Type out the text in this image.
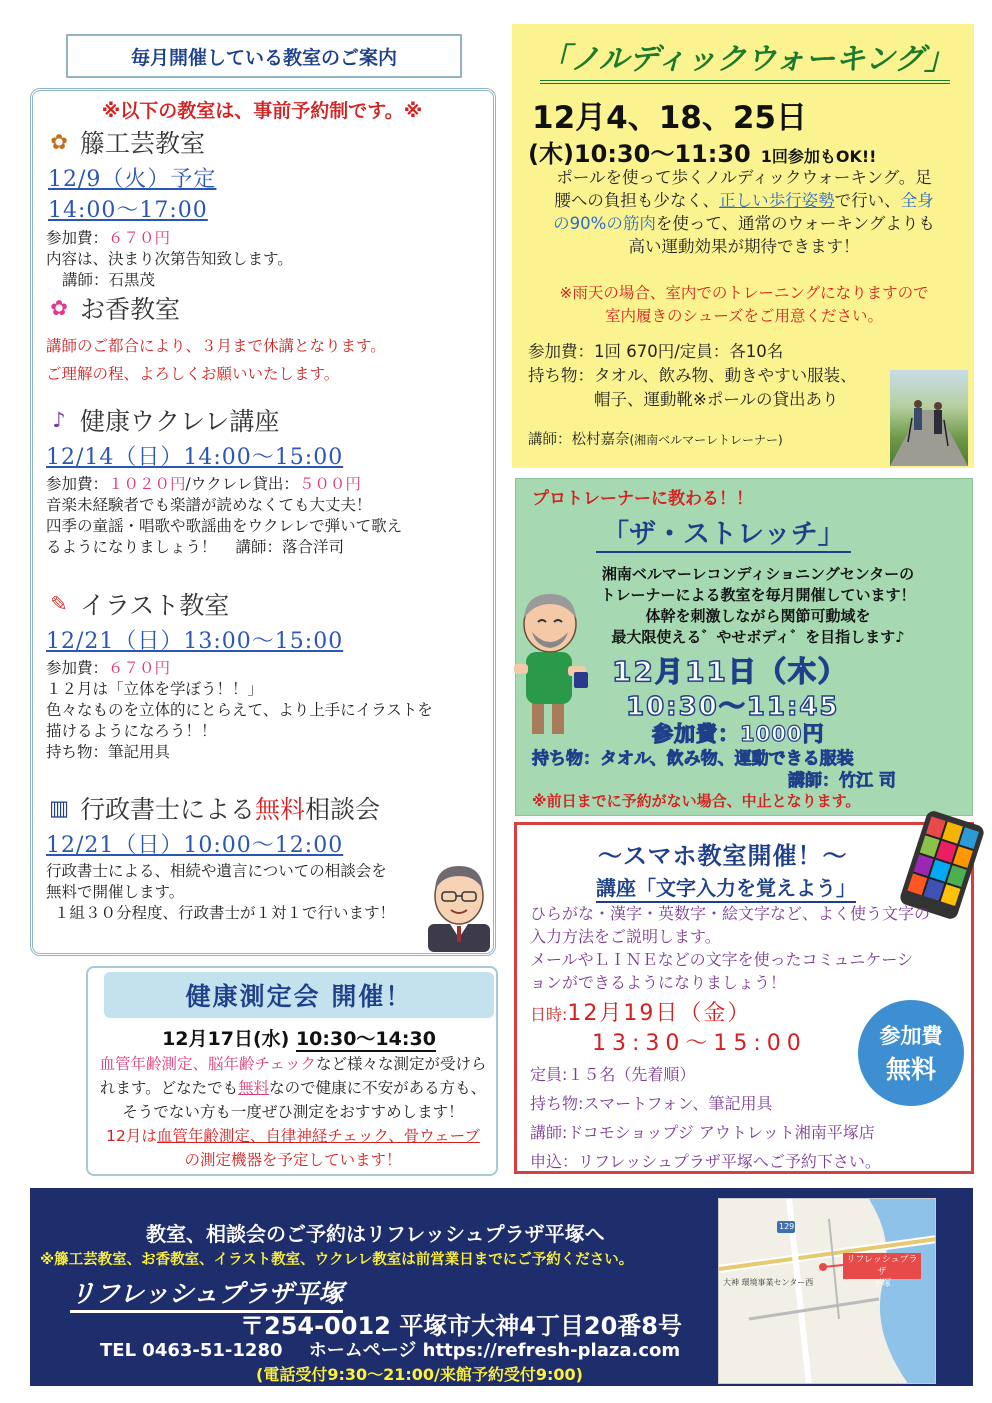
毎月開催している教室のご案内
※以下の教室は、事前予約制です。※
✿ 籐工芸教室
12/9（火）予定
14:00〜17:00
参加費：６７０円
内容は、決まり次第告知致します。
講師：石黒茂
✿ お香教室
講師のご都合により、３月まで休講となります。
ご理解の程、よろしくお願いいたします。
♪ 健康ウクレレ講座
12/14（日）14:00〜15:00
参加費：１０２０円/ウクレレ貸出：５００円
音楽未経験者でも楽譜が読めなくても大丈夫！
四季の童謡・唱歌や歌謡曲をウクレレで弾いて歌え
るようになりましょう！ 講師：落合洋司
✎ イラスト教室
12/21（日）13:00〜15:00
参加費：６７０円
１２月は「立体を学ぼう！！」
色々なものを立体的にとらえて、より上手にイラストを
描けるようになろう！！
持ち物：筆記用具
▥ 行政書士による無料相談会
12/21（日）10:00〜12:00
行政書士による、相続や遺言についての相談会を
無料で開催します。
１組３０分程度、行政書士が１対１で行います！
「ノルディックウォーキング」
12月4、18、25日
(木)10:30〜11:30 1回参加もOK!!
ポールを使って歩くノルディックウォーキング。足
腰への負担も少なく、正しい歩行姿勢で行い、全身
の90%の筋肉を使って、通常のウォーキングよりも
高い運動効果が期待できます！
※雨天の場合、室内でのトレーニングになりますので
室内履きのシューズをご用意ください。
参加費：1回 670円/定員：各10名
持ち物：タオル、飲み物、動きやすい服装、
帽子、運動靴※ポールの貸出あり
講師：松村嘉奈(湘南ベルマーレトレーナー)
プロトレーナーに教わる！！
「ザ・ストレッチ」
湘南ベルマーレコンディショニングセンターの
トレーナーによる教室を毎月開催しています！
体幹を刺激しながら関節可動域を
最大限使える゛やせボディ゛を目指します♪
12月11日（木）
10:30〜11:45
参加費：1000円
持ち物：タオル、飲み物、運動できる服装
講師：竹江 司
※前日までに予約がない場合、中止となります。
〜スマホ教室開催！〜
講座「文字入力を覚えよう」
ひらがな・漢字・英数字・絵文字など、よく使う文字の
入力方法をご説明します。
メールやＬＩＮＥなどの文字を使ったコミュニケーシ
ョンができるようになりましょう！
日時:12月19日（金）
13:30〜15:00
定員:１５名（先着順）
持ち物:スマートフォン、筆記用具
講師:ドコモショップジ アウトレット湘南平塚店
申込：リフレッシュプラザ平塚へご予約下さい。
参加費
無料
健康測定会 開催！
12月17日(水) 10:30〜14:30
血管年齢測定、脳年齢チェックなど様々な測定が受けら
れます。どなたでも無料なので健康に不安がある方も、
そうでない方も一度ぜひ測定をおすすめします！
12月は血管年齢測定、自律神経チェック、骨ウェーブ
の測定機器を予定しています！
教室、相談会のご予約はリフレッシュプラザ平塚へ
※籐工芸教室、お香教室、イラスト教室、ウクレレ教室は前営業日までにご予約ください。
リフレッシュプラザ平塚
〒254-0012 平塚市大神4丁目20番8号
TEL 0463-51-1280 ホームページ https://refresh-plaza.com
(電話受付9:30〜21:00/来館予約受付9:00)
リフレッシュプラザ
平塚
大神 環境事業センター西
129
